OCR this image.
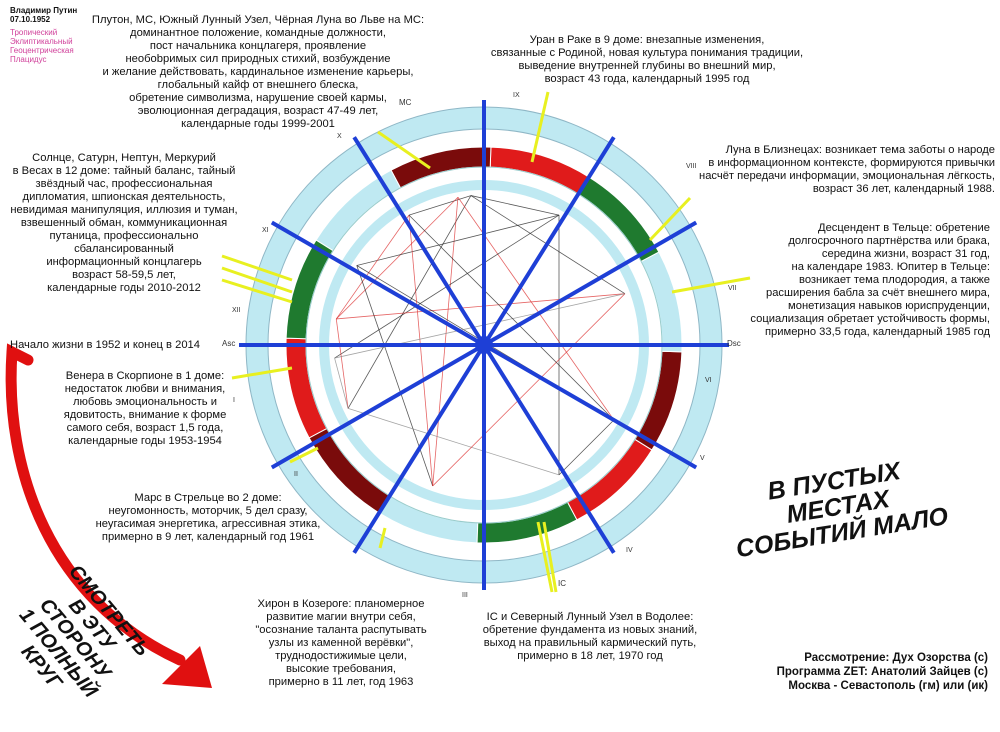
Asc	Dsc
MC
IC
I
II
III
IV
V
VI
VII
VIII
IX
X
XI
XII
Владимир Путин
07.10.1952
Тропический
Эклиптикальный
Геоцентрическая
Плацидус
Плутон, МС, Южный Лунный Узел, Чёрная Луна во Льве на МС:
доминантное положение, командные должности,
пост начальника концлагеря, проявление
необоbримых сил природных стихий, возбуждение
и желание действовать, кардинальное изменение карьеры,
глобальный кайф от внешнего блеска,
обретение символизма, нарушение своей кармы,
эволюционная деградация, возраст 47-49 лет,
календарные годы 1999-2001
Уран в Раке в 9 доме: внезапные изменения,
связанные с Родиной, новая культура понимания традиции,
выведение внутренней глубины во внешний мир,
возраст 43 года, календарный 1995 год
Луна в Близнецах: возникает тема заботы о народе
в информационном контексте, формируются привычки
насчёт передачи информации, эмоциональная лёгкость,
возраст 36 лет, календарный 1988.
Десцендент в Тельце: обретение
долгосрочного партнёрства или брака,
середина жизни, возраст 31 год,
на календаре 1983. Юпитер в Тельце:
возникает тема плодородия, а также
расширения бабла за счёт внешнего мира,
монетизация навыков юриспруденции,
социализация обретает устойчивость формы,
примерно 33,5 года, календарный 1985 год
Солнце, Сатурн, Нептун, Меркурий
в Весах в 12 доме: тайный баланс, тайный
звёздный час, профессиональная
дипломатия, шпионская деятельность,
невидимая манипуляция, иллюзия и туман,
взвешенный обман, коммуникационная
путаница, профессионально
сбалансированный
информационный концлагерь
возраст 58-59,5 лет,
календарные годы 2010-2012
Начало жизни в 1952 и конец в 2014
Венера в Скорпионе в 1 доме:
недостаток любви и внимания,
любовь эмоциональность и
ядовитость, внимание к форме
самого себя, возраст 1,5 года,
календарные годы 1953-1954
Марс в Стрельце во 2 доме:
неугомонность, моторчик, 5 дел сразу,
неугасимая энергетика, агрессивная этика,
примерно в 9 лет, календарный год 1961
Хирон в Козероге: планомерное
развитие магии внутри себя,
"осознание таланта распутывать
узлы из каменной верёвки",
труднодостижимые цели,
высокие требования,
примерно в 11 лет, год 1963
IC и Северный Лунный Узел в Водолее:
обретение фундамента из новых знаний,
выход на правильный кармический путь,
примерно в 18 лет, 1970 год
В ПУСТЫХ МЕСТАХ
СОБЫТИЙ МАЛО
СМОТРЕТЬ
В ЭТУ СТОРОНУ
1 ПОЛНЫЙ
КРУГ	Рассмотрение: Дух Озорства (с)
Программа ZET: Анатолий Зайцев (с)
Москва - Севастополь (гм) или (ик)
